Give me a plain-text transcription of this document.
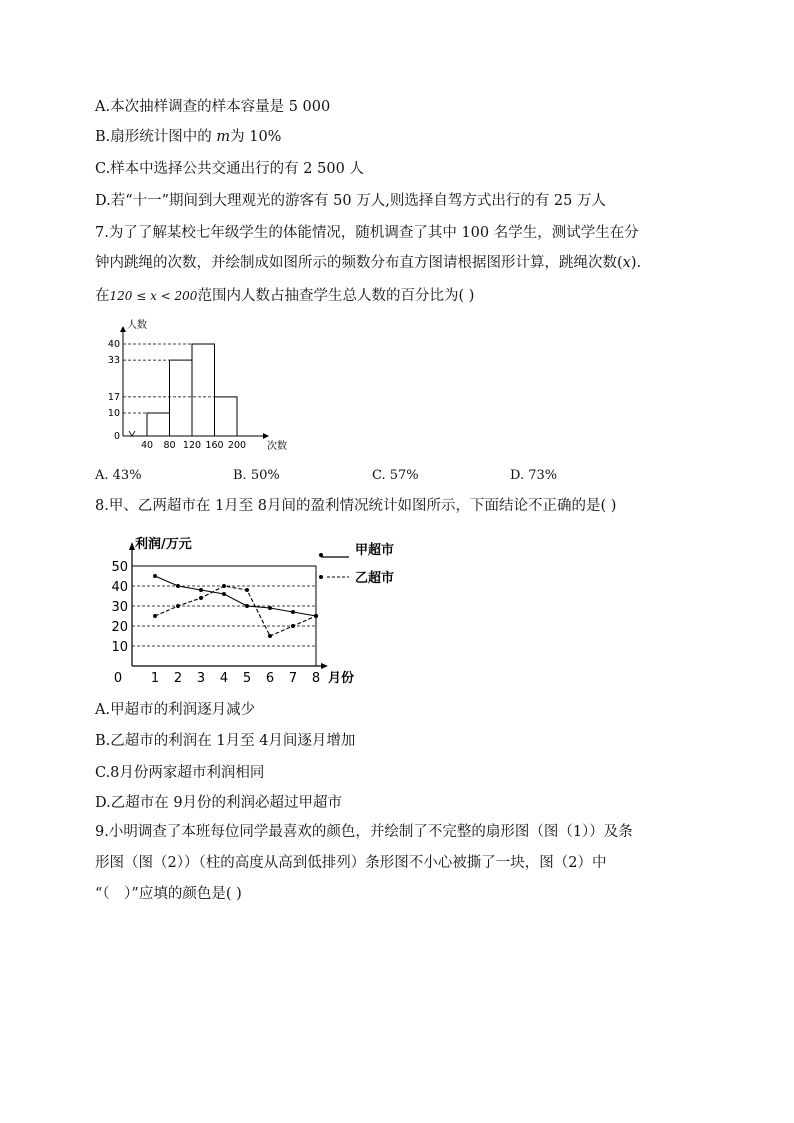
A.本次抽样调查的样本容量是 5 000
B.扇形统计图中的 m为 10%
C.样本中选择公共交通出行的有 2 500 人
D.若“十一”期间到大理观光的游客有 50 万人,则选择自驾方式出行的有 25 万人
7.为了了解某校七年级学生的体能情况，随机调查了其中 100 名学生，测试学生在分
钟内跳绳的次数，并绘制成如图所示的频数分布直方图请根据图形计算，跳绳次数(x).
在120 ≤ x < 200范围内人数占抽查学生总人数的百分比为( )
人数
次数
0
10
17
33
40
40 80 120 160 200
A. 43%	B. 50%	C. 57%	D. 73%
8.甲、乙两超市在 1月至 8月间的盈利情况统计如图所示，下面结论不正确的是( )
利润/万元
月份
10
20
30
40
50
0 1 2 3 4 5 6 7 8
甲超市
乙超市
A.甲超市的利润逐月减少
B.乙超市的利润在 1月至 4月间逐月增加
C.8月份两家超市利润相同
D.乙超市在 9月份的利润必超过甲超市
9.小明调查了本班每位同学最喜欢的颜色，并绘制了不完整的扇形图（图（1））及条
形图（图（2））（柱的高度从高到低排列）条形图不小心被撕了一块，图（2）中
“（　）”应填的颜色是( )
